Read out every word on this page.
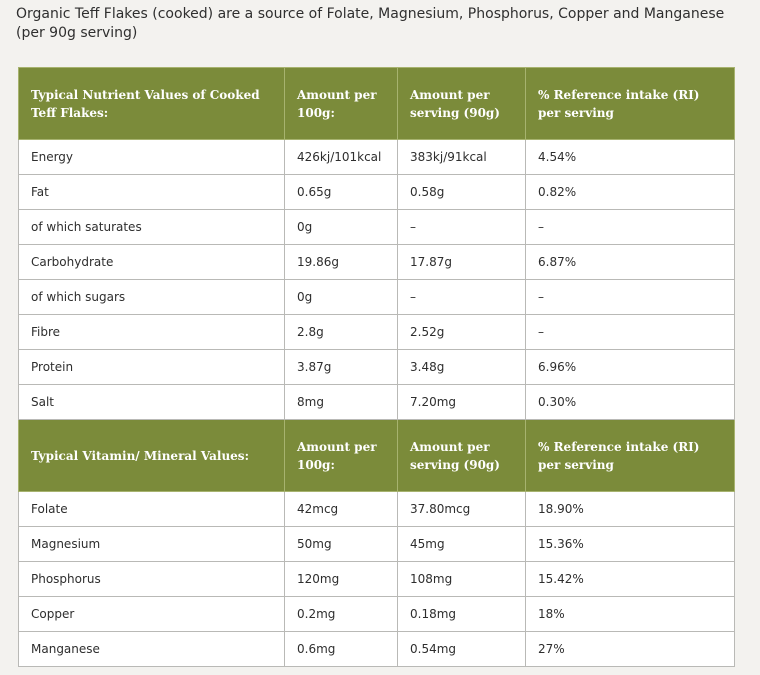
Organic Teff Flakes (cooked) are a source of Folate, Magnesium, Phosphorus, Copper and Manganese
(per 90g serving)
Typical Nutrient Values of Cooked Teff Flakes:	Amount per 100g:	Amount per serving (90g)	% Reference intake (RI) per serving
Energy	426kj/101kcal	383kj/91kcal	4.54%
Fat	0.65g	0.58g	0.82%
of which saturates	0g	–	–
Carbohydrate	19.86g	17.87g	6.87%
of which sugars	0g	–	–
Fibre	2.8g	2.52g	–
Protein	3.87g	3.48g	6.96%
Salt	8mg	7.20mg	0.30%
Typical Vitamin/ Mineral Values:	Amount per 100g:	Amount per serving (90g)	% Reference intake (RI) per serving
Folate	42mcg	37.80mcg	18.90%
Magnesium	50mg	45mg	15.36%
Phosphorus	120mg	108mg	15.42%
Copper	0.2mg	0.18mg	18%
Manganese	0.6mg	0.54mg	27%
